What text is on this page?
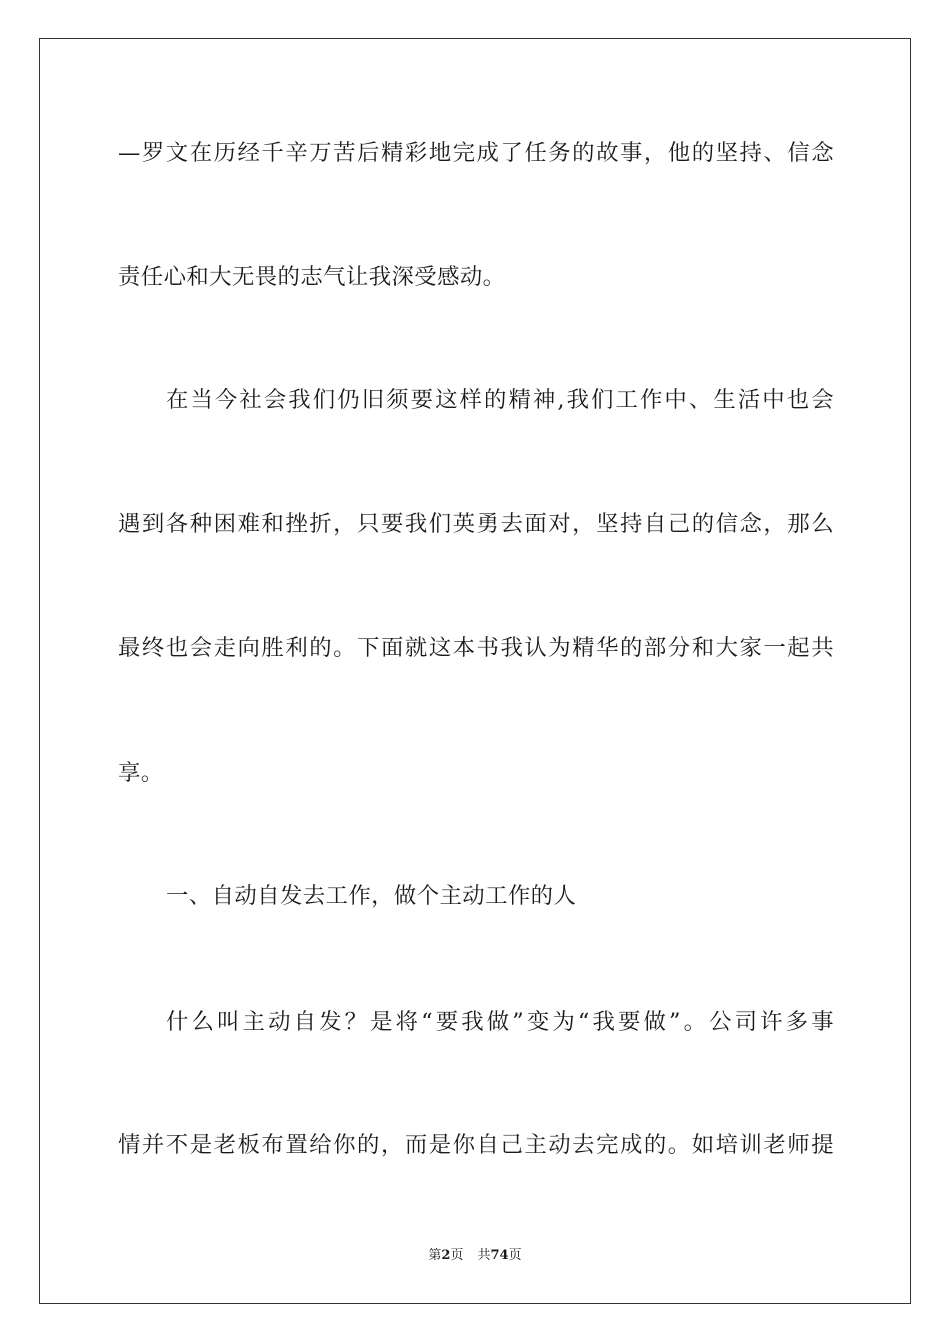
—罗文在历经千辛万苦后精彩地完成了任务的故事，他的坚持、信念
责任心和大无畏的志气让我深受感动。
在当今社会我们仍旧须要这样的精神,我们工作中、生活中也会
遇到各种困难和挫折，只要我们英勇去面对，坚持自己的信念，那么
最终也会走向胜利的。下面就这本书我认为精华的部分和大家一起共
享。
一、自动自发去工作，做个主动工作的人
什么叫主动自发？是将“要我做”变为“我要做”。公司许多事
情并不是老板布置给你的，而是你自己主动去完成的。如培训老师提
第2页 共74页
